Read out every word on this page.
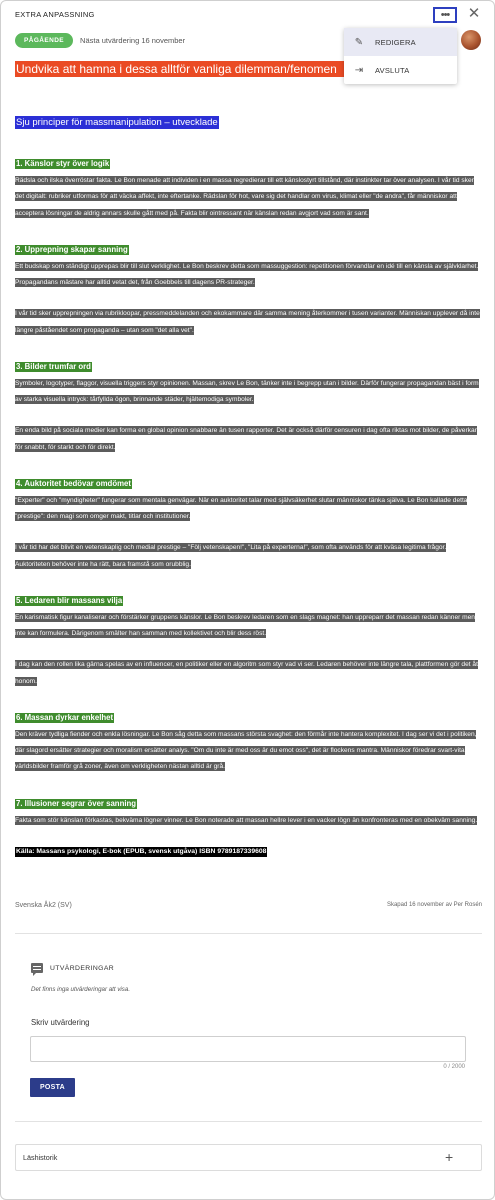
EXTRA ANPASSNING	•••	✕
PÅGÅENDE	Nästa utvärdering 16 november	✎	REDIGERA
⇥	AVSLUTA
Undvika att hamna i dessa alltför vanliga dilemman/fenomen
Sju principer för massmanipulation – utvecklade
1. Känslor styr över logik
Rädsla och ilska överröstar fakta. Le Bon menade att individen i en massa regredierar till ett känslostyrt tillstånd, där instinkter tar över analysen. I vår tid sker det digitalt: rubriker utformas för att väcka affekt, inte eftertanke. Rädslan för hot, vare sig det handlar om virus, klimat eller "de andra", får människor att acceptera lösningar de aldrig annars skulle gått med på. Fakta blir ointressant när känslan redan avgjort vad som är sant.
2. Upprepning skapar sanning
Ett budskap som ständigt upprepas blir till slut verklighet. Le Bon beskrev detta som massuggestion: repetitionen förvandlar en idé till en känsla av självklarhet. Propagandans mästare har alltid vetat det, från Goebbels till dagens PR-strateger.
I vår tid sker upprepningen via rubrikloopar, pressmeddelanden och ekokammare där samma mening återkommer i tusen varianter. Människan upplever då inte längre påståendet som propaganda – utan som "det alla vet".
3. Bilder trumfar ord
Symboler, logotyper, flaggor, visuella triggers styr opinionen. Massan, skrev Le Bon, tänker inte i begrepp utan i bilder. Därför fungerar propagandan bäst i form av starka visuella intryck: tårfyllda ögon, brinnande städer, hjältemodiga symboler.
En enda bild på sociala medier kan forma en global opinion snabbare än tusen rapporter. Det är också därför censuren i dag ofta riktas mot bilder, de påverkar för snabbt, för starkt och för direkt.
4. Auktoritet bedövar omdömet
"Experter" och "myndigheter" fungerar som mentala genvägar. När en auktoritet talar med självsäkerhet slutar människor tänka själva. Le Bon kallade detta "prestige": den magi som omger makt, titlar och institutioner.
I vår tid har det blivit en vetenskaplig och medial prestige – "Följ vetenskapen!", "Lita på experterna!", som ofta används för att kväsa legitima frågor. Auktoriteten behöver inte ha rätt, bara framstå som orubblig.
5. Ledaren blir massans vilja
En karismatisk figur kanaliserar och förstärker gruppens känslor. Le Bon beskrev ledaren som en slags magnet: han uppreparr det massan redan känner men inte kan formulera. Därigenom smälter han samman med kollektivet och blir dess röst.
I dag kan den rollen lika gärna spelas av en influencer, en politiker eller en algoritm som styr vad vi ser. Ledaren behöver inte längre tala, plattformen gör det åt honom.
6. Massan dyrkar enkelhet
Den kräver tydliga fiender och enkla lösningar. Le Bon såg detta som massans största svaghet: den förmår inte hantera komplexitet. I dag ser vi det i politiken, där slagord ersätter strategier och moralism ersätter analys. "Om du inte är med oss är du emot oss", det är flockens mantra. Människor föredrar svart-vita världsbilder framför grå zoner, även om verkligheten nästan alltid är grå.
7. Illusioner segrar över sanning
Fakta som stör känslan förkastas, bekväma lögner vinner. Le Bon noterade att massan hellre lever i en vacker lögn än konfronteras med en obekväm sanning.
Källa: Massans psykologi, E-bok (EPUB, svensk utgåva) ISBN 9789187339608
Svenska Åk2 (SV)	Skapad 16 november av Per Rosén
UTVÄRDERINGAR
Det finns inga utvärderingar att visa.
Skriv utvärdering
0 / 2000
POSTA
Läshistorik	+
